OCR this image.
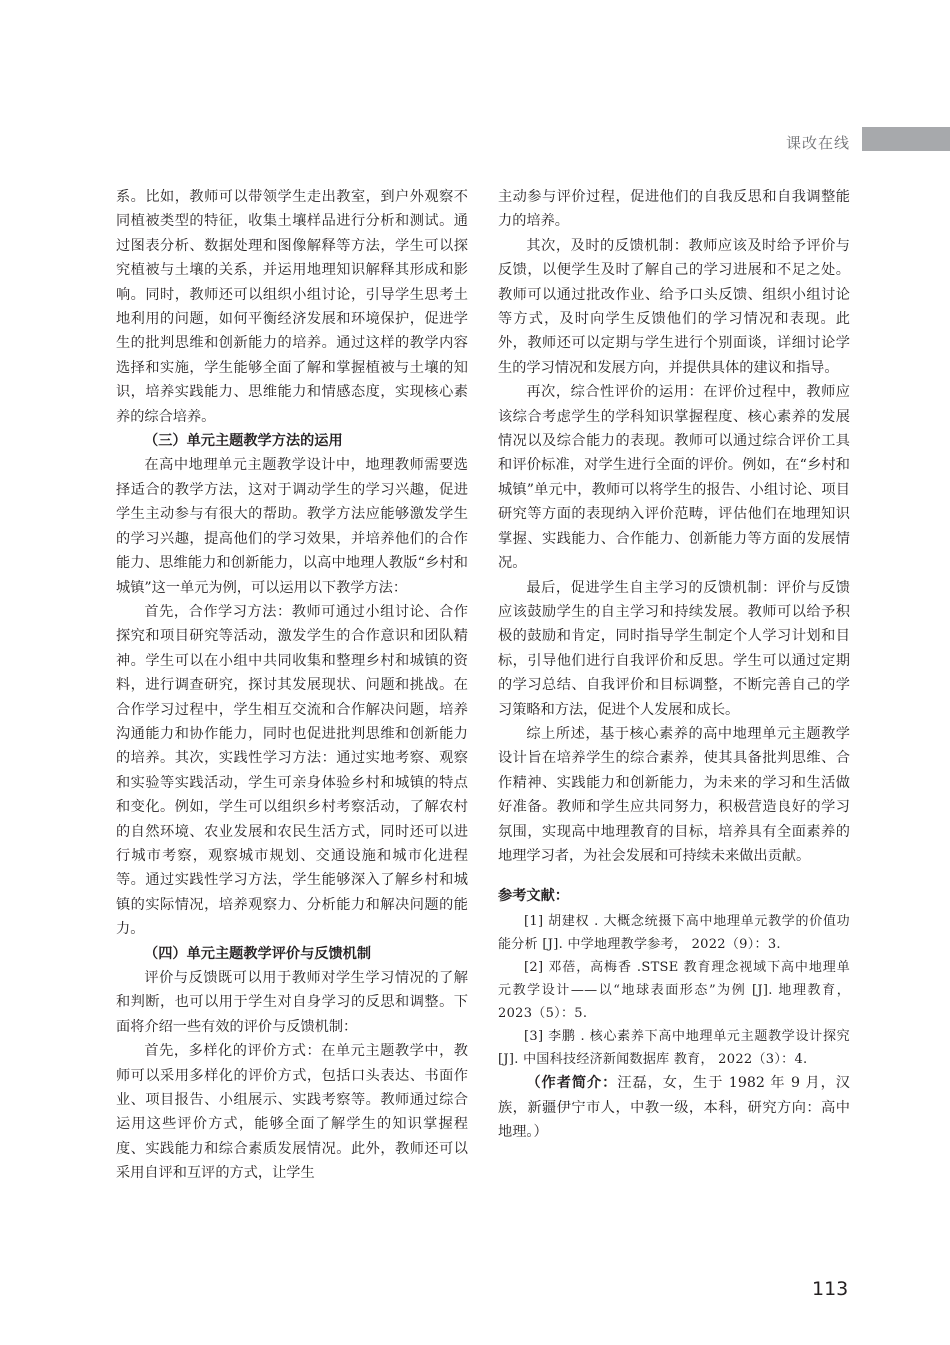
课改在线

系。比如，教师可以带领学生走出教室，到户外观察不同植被类型的特征，收集土壤样品进行分析和测试。通过图表分析、数据处理和图像解释等方法，学生可以探究植被与土壤的关系，并运用地理知识解释其形成和影响。同时，教师还可以组织小组讨论，引导学生思考土地利用的问题，如何平衡经济发展和环境保护，促进学生的批判思维和创新能力的培养。通过这样的教学内容选择和实施，学生能够全面了解和掌握植被与土壤的知识，培养实践能力、思维能力和情感态度，实现核心素养的综合培养。

（三）单元主题教学方法的运用

在高中地理单元主题教学设计中，地理教师需要选择适合的教学方法，这对于调动学生的学习兴趣，促进学生主动参与有很大的帮助。教学方法应能够激发学生的学习兴趣，提高他们的学习效果，并培养他们的合作能力、思维能力和创新能力，以高中地理人教版“乡村和城镇”这一单元为例，可以运用以下教学方法：

首先，合作学习方法：教师可通过小组讨论、合作探究和项目研究等活动，激发学生的合作意识和团队精神。学生可以在小组中共同收集和整理乡村和城镇的资料，进行调查研究，探讨其发展现状、问题和挑战。在合作学习过程中，学生相互交流和合作解决问题，培养沟通能力和协作能力，同时也促进批判思维和创新能力的培养。其次，实践性学习方法：通过实地考察、观察和实验等实践活动，学生可亲身体验乡村和城镇的特点和变化。例如，学生可以组织乡村考察活动，了解农村的自然环境、农业发展和农民生活方式，同时还可以进行城市考察，观察城市规划、交通设施和城市化进程等。通过实践性学习方法，学生能够深入了解乡村和城镇的实际情况，培养观察力、分析能力和解决问题的能力。

（四）单元主题教学评价与反馈机制

评价与反馈既可以用于教师对学生学习情况的了解和判断，也可以用于学生对自身学习的反思和调整。下面将介绍一些有效的评价与反馈机制：

首先，多样化的评价方式：在单元主题教学中，教师可以采用多样化的评价方式，包括口头表达、书面作业、项目报告、小组展示、实践考察等。教师通过综合运用这些评价方式，能够全面了解学生的知识掌握程度、实践能力和综合素质发展情况。此外，教师还可以采用自评和互评的方式，让学生

主动参与评价过程，促进他们的自我反思和自我调整能力的培养。

其次，及时的反馈机制：教师应该及时给予评价与反馈，以便学生及时了解自己的学习进展和不足之处。教师可以通过批改作业、给予口头反馈、组织小组讨论等方式，及时向学生反馈他们的学习情况和表现。此外，教师还可以定期与学生进行个别面谈，详细讨论学生的学习情况和发展方向，并提供具体的建议和指导。

再次，综合性评价的运用：在评价过程中，教师应该综合考虑学生的学科知识掌握程度、核心素养的发展情况以及综合能力的表现。教师可以通过综合评价工具和评价标准，对学生进行全面的评价。例如，在“乡村和城镇”单元中，教师可以将学生的报告、小组讨论、项目研究等方面的表现纳入评价范畴，评估他们在地理知识掌握、实践能力、合作能力、创新能力等方面的发展情况。

最后，促进学生自主学习的反馈机制：评价与反馈应该鼓励学生的自主学习和持续发展。教师可以给予积极的鼓励和肯定，同时指导学生制定个人学习计划和目标，引导他们进行自我评价和反思。学生可以通过定期的学习总结、自我评价和目标调整，不断完善自己的学习策略和方法，促进个人发展和成长。

综上所述，基于核心素养的高中地理单元主题教学设计旨在培养学生的综合素养，使其具备批判思维、合作精神、实践能力和创新能力，为未来的学习和生活做好准备。教师和学生应共同努力，积极营造良好的学习氛围，实现高中地理教育的目标，培养具有全面素养的地理学习者，为社会发展和可持续未来做出贡献。

参考文献：

[1] 胡建权 . 大概念统摄下高中地理单元教学的价值功能分析 [J]. 中学地理教学参考， 2022（9）：3.

[2] 邓蓓，高梅香 .STSE 教育理念视域下高中地理单元教学设计——以“地球表面形态”为例 [J]. 地理教育， 2023（5）：5.

[3] 李鹏 . 核心素养下高中地理单元主题教学设计探究 [J]. 中国科技经济新闻数据库 教育， 2022（3）：4.

（作者简介：汪磊，女，生于 1982 年 9 月，汉族，新疆伊宁市人，中教一级，本科，研究方向：高中地理。）

113
